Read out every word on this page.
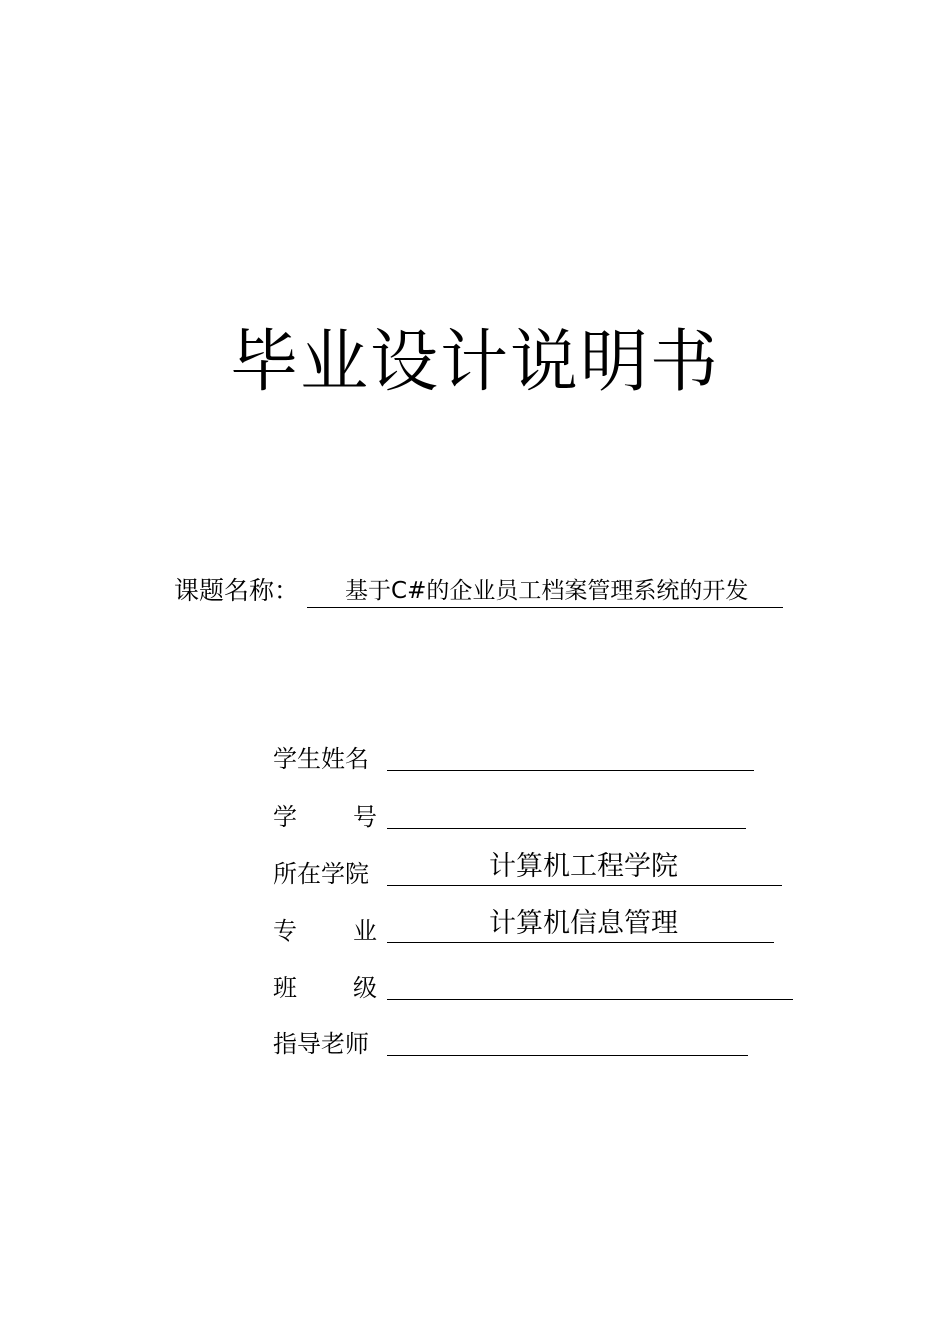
毕业设计说明书
课题名称：	基于C#的企业员工档案管理系统的开发
学生姓名
学 号
所在学院	计算机工程学院
专 业	计算机信息管理
班 级
指导老师
